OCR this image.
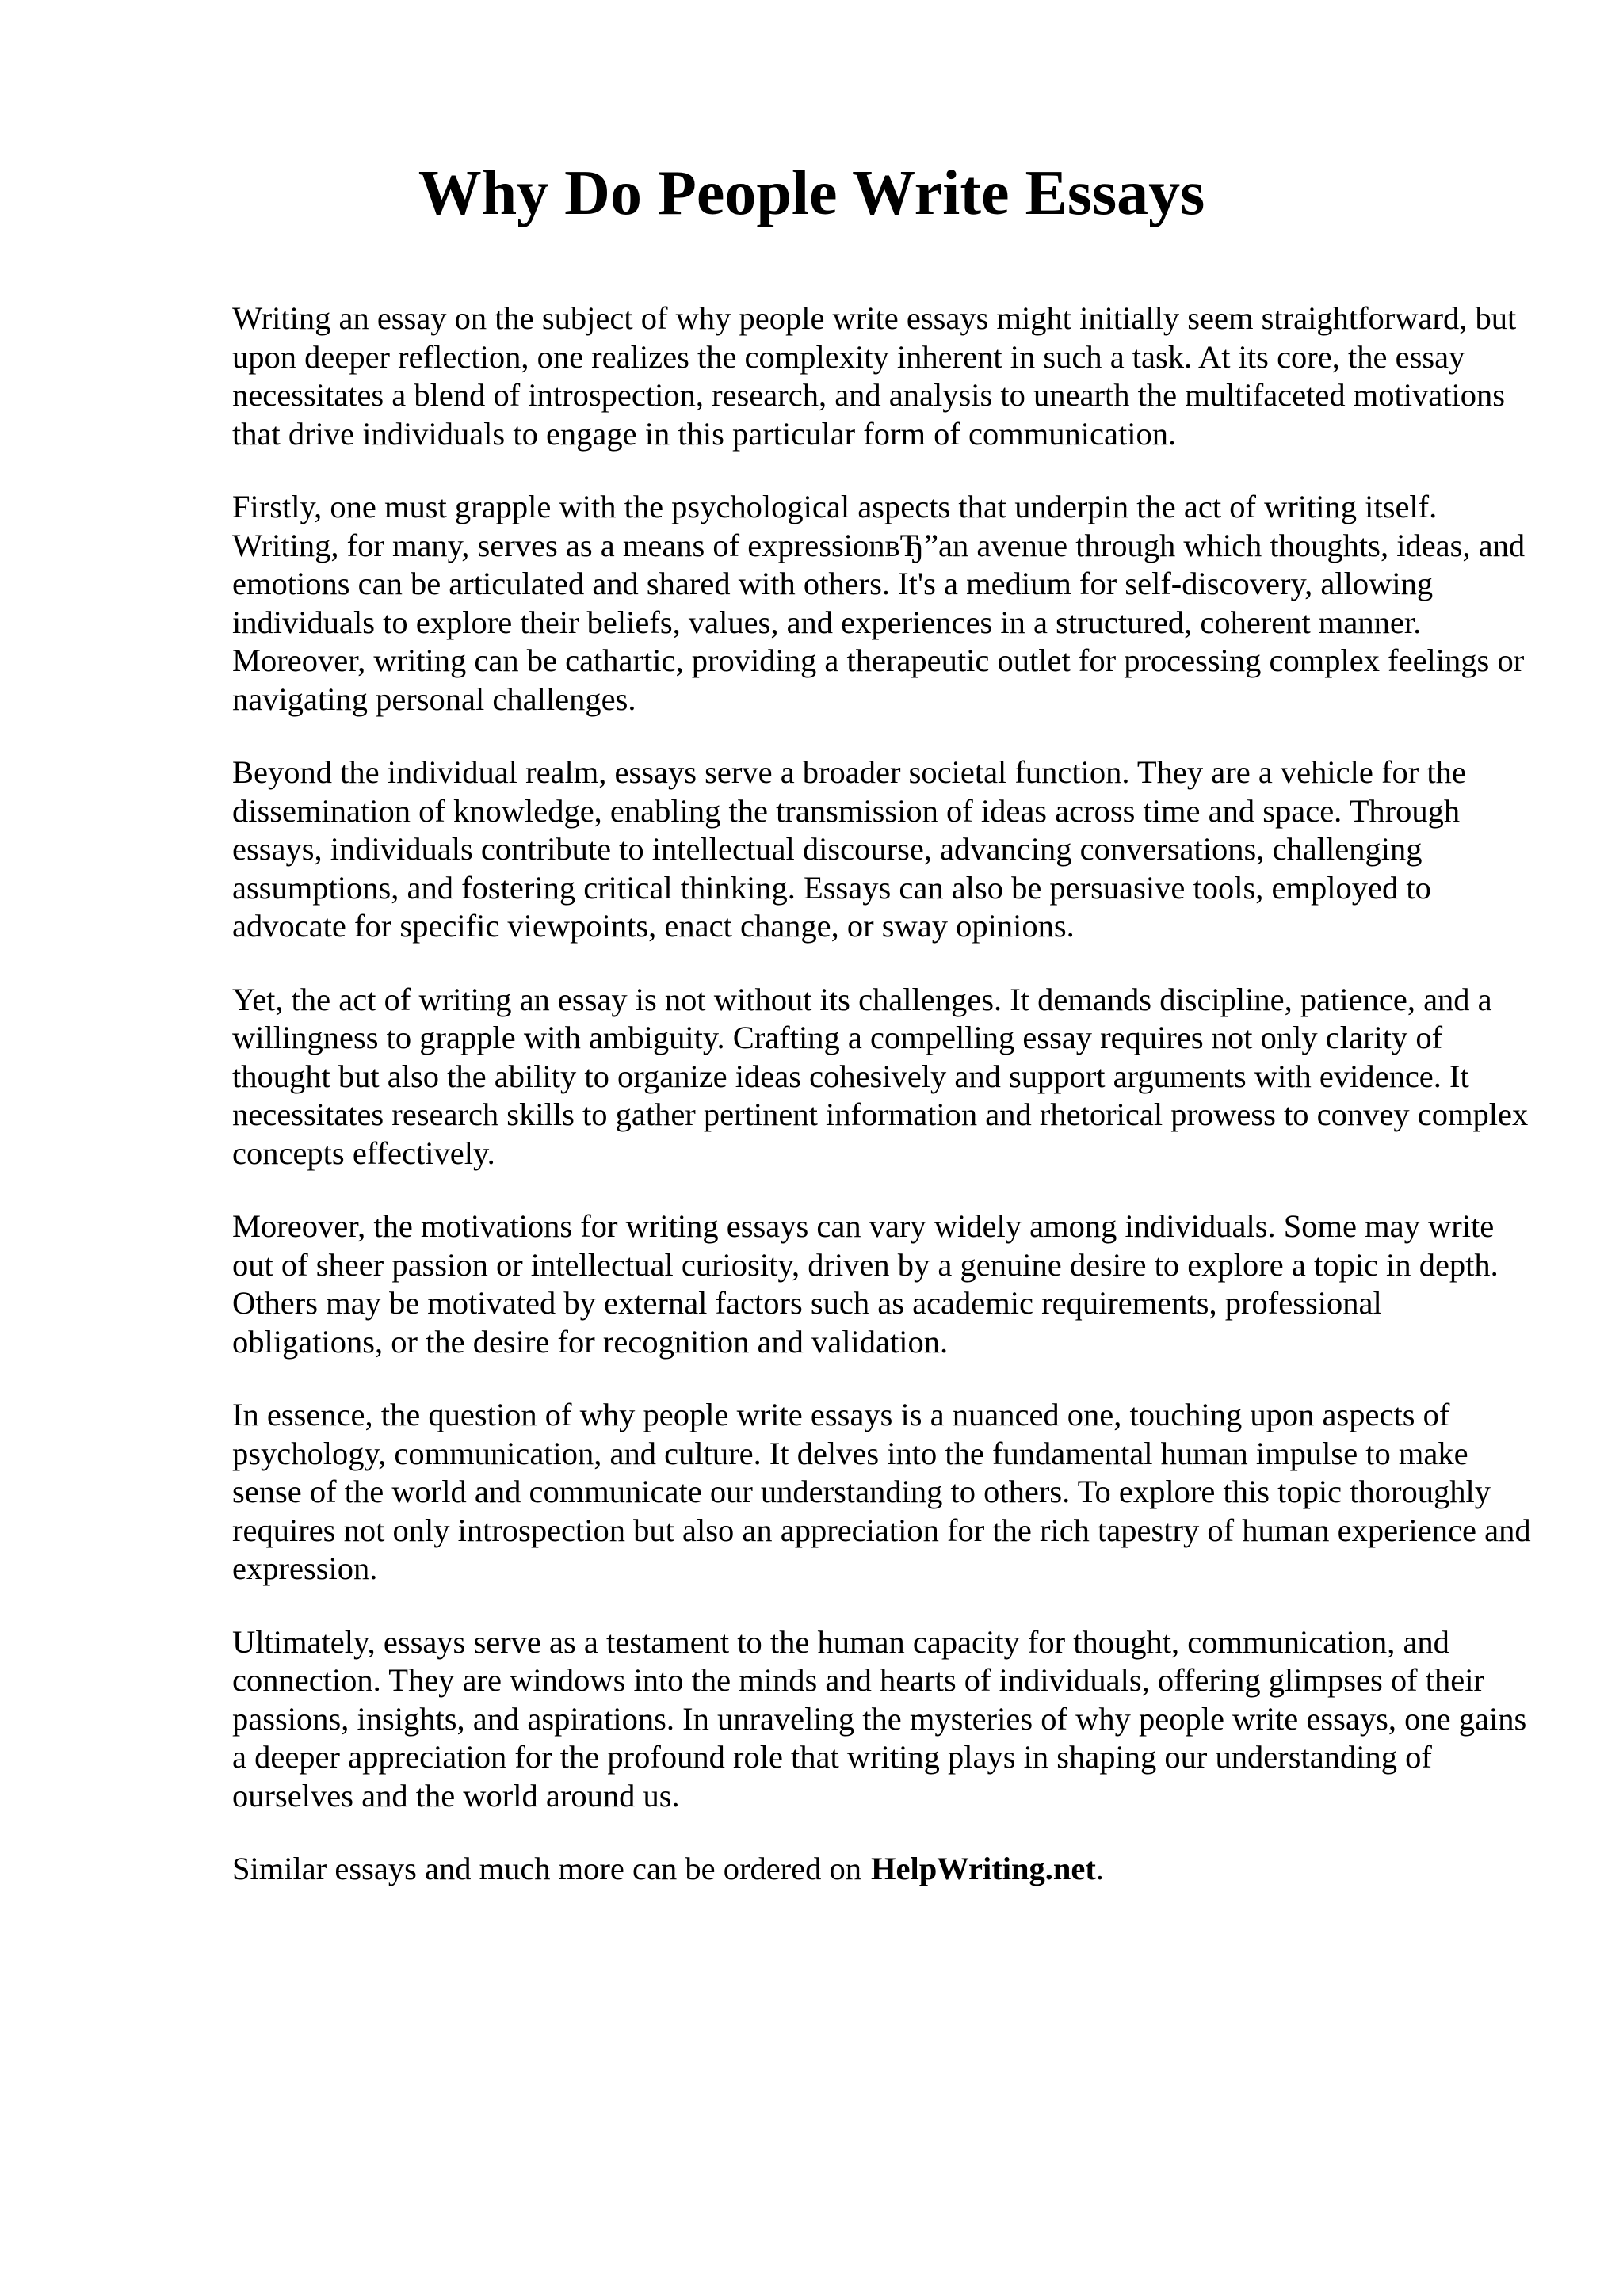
Why Do People Write Essays

Writing an essay on the subject of why people write essays might initially seem straightforward, but upon deeper reflection, one realizes the complexity inherent in such a task. At its core, the essay necessitates a blend of introspection, research, and analysis to unearth the multifaceted motivations that drive individuals to engage in this particular form of communication.

Firstly, one must grapple with the psychological aspects that underpin the act of writing itself. Writing, for many, serves as a means of expressionвЂ”an avenue through which thoughts, ideas, and emotions can be articulated and shared with others. It's a medium for self-discovery, allowing individuals to explore their beliefs, values, and experiences in a structured, coherent manner. Moreover, writing can be cathartic, providing a therapeutic outlet for processing complex feelings or navigating personal challenges.

Beyond the individual realm, essays serve a broader societal function. They are a vehicle for the dissemination of knowledge, enabling the transmission of ideas across time and space. Through essays, individuals contribute to intellectual discourse, advancing conversations, challenging assumptions, and fostering critical thinking. Essays can also be persuasive tools, employed to advocate for specific viewpoints, enact change, or sway opinions.

Yet, the act of writing an essay is not without its challenges. It demands discipline, patience, and a willingness to grapple with ambiguity. Crafting a compelling essay requires not only clarity of thought but also the ability to organize ideas cohesively and support arguments with evidence. It necessitates research skills to gather pertinent information and rhetorical prowess to convey complex concepts effectively.

Moreover, the motivations for writing essays can vary widely among individuals. Some may write out of sheer passion or intellectual curiosity, driven by a genuine desire to explore a topic in depth. Others may be motivated by external factors such as academic requirements, professional obligations, or the desire for recognition and validation.

In essence, the question of why people write essays is a nuanced one, touching upon aspects of psychology, communication, and culture. It delves into the fundamental human impulse to make sense of the world and communicate our understanding to others. To explore this topic thoroughly requires not only introspection but also an appreciation for the rich tapestry of human experience and expression.

Ultimately, essays serve as a testament to the human capacity for thought, communication, and connection. They are windows into the minds and hearts of individuals, offering glimpses of their passions, insights, and aspirations. In unraveling the mysteries of why people write essays, one gains a deeper appreciation for the profound role that writing plays in shaping our understanding of ourselves and the world around us.

Similar essays and much more can be ordered on HelpWriting.net.
